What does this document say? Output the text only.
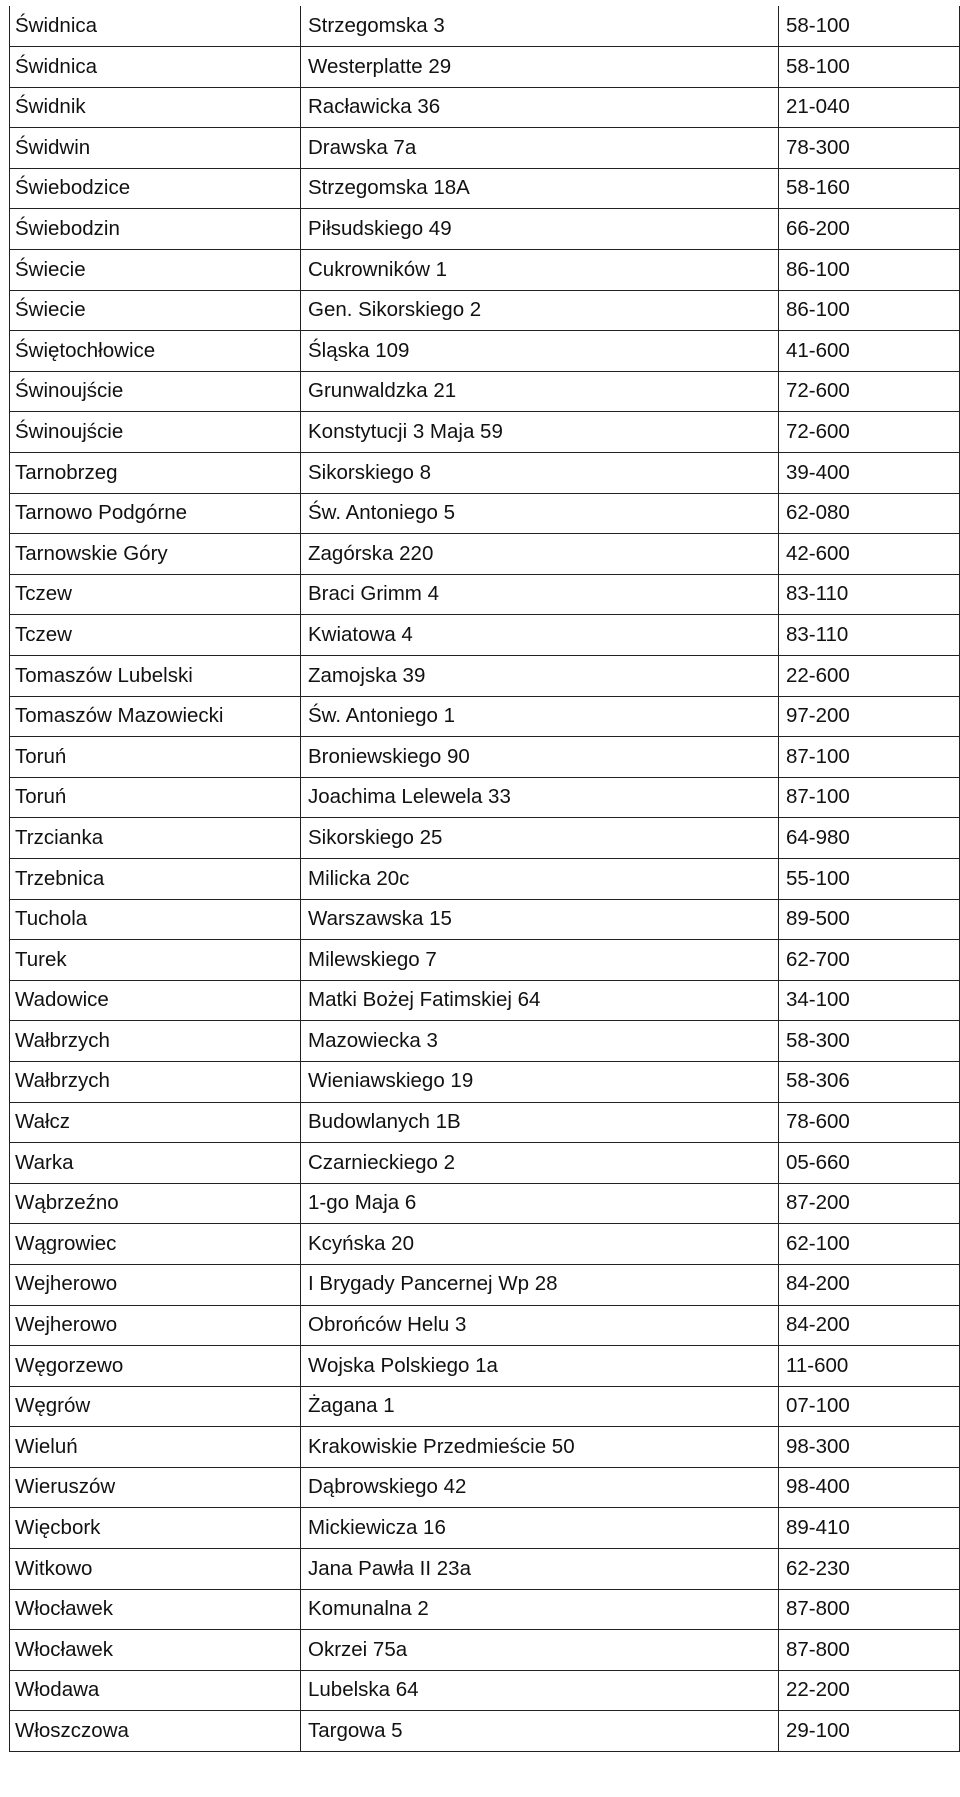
Świdnica	Strzegomska 3	58-100
Świdnica	Westerplatte 29	58-100
Świdnik	Racławicka 36	21-040
Świdwin	Drawska 7a	78-300
Świebodzice	Strzegomska 18A	58-160
Świebodzin	Piłsudskiego 49	66-200
Świecie	Cukrowników 1	86-100
Świecie	Gen. Sikorskiego 2	86-100
Świętochłowice	Śląska 109	41-600
Świnoujście	Grunwaldzka 21	72-600
Świnoujście	Konstytucji 3 Maja 59	72-600
Tarnobrzeg	Sikorskiego 8	39-400
Tarnowo Podgórne	Św. Antoniego 5	62-080
Tarnowskie Góry	Zagórska 220	42-600
Tczew	Braci Grimm 4	83-110
Tczew	Kwiatowa 4	83-110
Tomaszów Lubelski	Zamojska 39	22-600
Tomaszów Mazowiecki	Św. Antoniego 1	97-200
Toruń	Broniewskiego 90	87-100
Toruń	Joachima Lelewela 33	87-100
Trzcianka	Sikorskiego 25	64-980
Trzebnica	Milicka 20c	55-100
Tuchola	Warszawska 15	89-500
Turek	Milewskiego 7	62-700
Wadowice	Matki Bożej Fatimskiej 64	34-100
Wałbrzych	Mazowiecka 3	58-300
Wałbrzych	Wieniawskiego 19	58-306
Wałcz	Budowlanych 1B	78-600
Warka	Czarnieckiego 2	05-660
Wąbrzeźno	1-go Maja 6	87-200
Wągrowiec	Kcyńska 20	62-100
Wejherowo	I Brygady Pancernej Wp 28	84-200
Wejherowo	Obrońców Helu 3	84-200
Węgorzewo	Wojska Polskiego 1a	11-600
Węgrów	Żagana 1	07-100
Wieluń	Krakowiskie Przedmieście 50	98-300
Wieruszów	Dąbrowskiego 42	98-400
Więcbork	Mickiewicza 16	89-410
Witkowo	Jana Pawła II 23a	62-230
Włocławek	Komunalna 2	87-800
Włocławek	Okrzei 75a	87-800
Włodawa	Lubelska 64	22-200
Włoszczowa	Targowa 5	29-100
